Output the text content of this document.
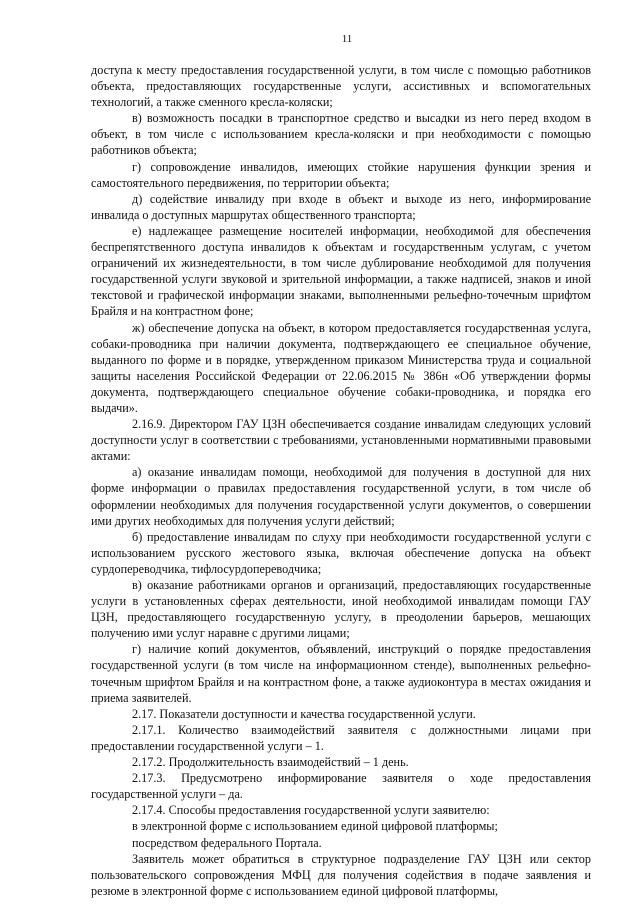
11

доступа к месту предоставления государственной услуги, в том числе с помощью работников объекта, предоставляющих государственные услуги, ассистивных и вспомогательных технологий, а также сменного кресла-коляски;

в) возможность посадки в транспортное средство и высадки из него перед входом в объект, в том числе с использованием кресла-коляски и при необходимости с помощью работников объекта;

г) сопровождение инвалидов, имеющих стойкие нарушения функции зрения и самостоятельного передвижения, по территории объекта;

д) содействие инвалиду при входе в объект и выходе из него, информирование инвалида о доступных маршрутах общественного транспорта;

е) надлежащее размещение носителей информации, необходимой для обеспечения беспрепятственного доступа инвалидов к объектам и государственным услугам, с учетом ограничений их жизнедеятельности, в том числе дублирование необходимой для получения государственной услуги звуковой и зрительной информации, а также надписей, знаков и иной текстовой и графической информации знаками, выполненными рельефно-точечным шрифтом Брайля и на контрастном фоне;

ж) обеспечение допуска на объект, в котором предоставляется государственная услуга, собаки-проводника при наличии документа, подтверждающего ее специальное обучение, выданного по форме и в порядке, утвержденном приказом Министерства труда и социальной защиты населения Российской Федерации от 22.06.2015 № 386н «Об утверждении формы документа, подтверждающего специальное обучение собаки-проводника, и порядка его выдачи».

2.16.9. Директором ГАУ ЦЗН обеспечивается создание инвалидам следующих условий доступности услуг в соответствии с требованиями, установленными нормативными правовыми актами:

а) оказание инвалидам помощи, необходимой для получения в доступной для них форме информации о правилах предоставления государственной услуги, в том числе об оформлении необходимых для получения государственной услуги документов, о совершении ими других необходимых для получения услуги действий;

б) предоставление инвалидам по слуху при необходимости государственной услуги с использованием русского жестового языка, включая обеспечение допуска на объект сурдопереводчика, тифлосурдопереводчика;

в) оказание работниками органов и организаций, предоставляющих государственные услуги в установленных сферах деятельности, иной необходимой инвалидам помощи ГАУ ЦЗН, предоставляющего государственную услугу, в преодолении барьеров, мешающих получению ими услуг наравне с другими лицами;

г) наличие копий документов, объявлений, инструкций о порядке предоставления государственной услуги (в том числе на информационном стенде), выполненных рельефно-точечным шрифтом Брайля и на контрастном фоне, а также аудиоконтура в местах ожидания и приема заявителей.

2.17. Показатели доступности и качества государственной услуги.

2.17.1. Количество взаимодействий заявителя с должностными лицами при предоставлении государственной услуги – 1.

2.17.2. Продолжительность взаимодействий – 1 день.

2.17.3. Предусмотрено информирование заявителя о ходе предоставления государственной услуги – да.

2.17.4. Способы предоставления государственной услуги заявителю:

в электронной форме с использованием единой цифровой платформы;

посредством федерального Портала.

Заявитель может обратиться в структурное подразделение ГАУ ЦЗН или сектор пользовательского сопровождения МФЦ для получения содействия в подаче заявления и резюме в электронной форме с использованием единой цифровой платформы,
